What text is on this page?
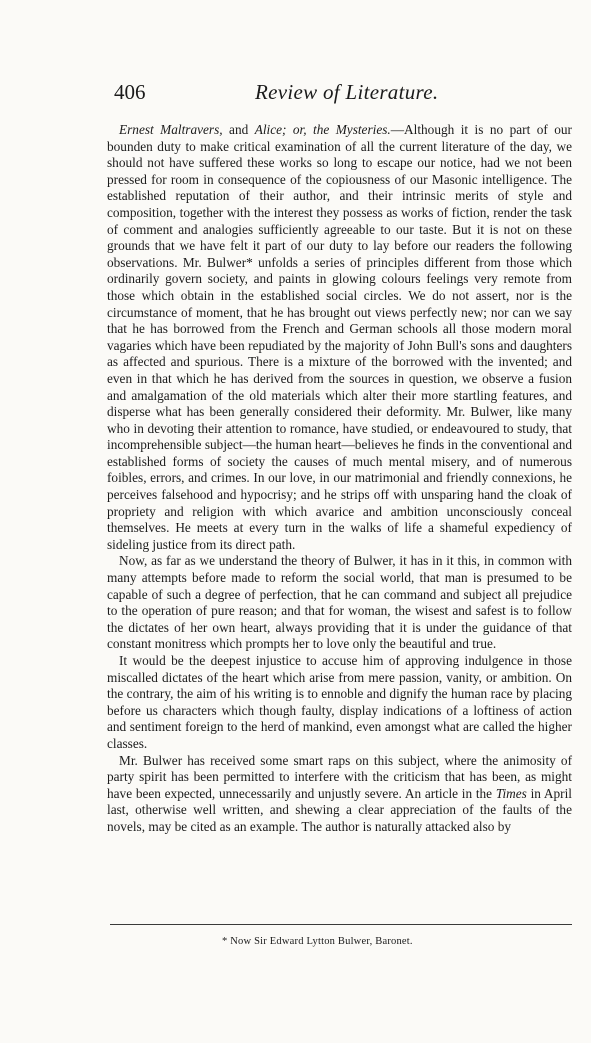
406	Review of Literature.

Ernest Maltravers, and Alice; or, the Mysteries.—Although it is no part of our bounden duty to make critical examination of all the current literature of the day, we should not have suffered these works so long to escape our notice, had we not been pressed for room in consequence of the copiousness of our Masonic intelligence. The established reputation of their author, and their intrinsic merits of style and composition, together with the interest they possess as works of fiction, render the task of comment and analogies sufficiently agreeable to our taste. But it is not on these grounds that we have felt it part of our duty to lay before our readers the following observations. Mr. Bulwer* unfolds a series of principles different from those which ordinarily govern society, and paints in glowing colours feelings very remote from those which obtain in the established social circles. We do not assert, nor is the circumstance of moment, that he has brought out views perfectly new; nor can we say that he has borrowed from the French and German schools all those modern moral vagaries which have been repudiated by the majority of John Bull's sons and daughters as affected and spurious. There is a mixture of the borrowed with the invented; and even in that which he has derived from the sources in question, we observe a fusion and amalgamation of the old materials which alter their more startling features, and disperse what has been generally considered their deformity. Mr. Bulwer, like many who in devoting their attention to romance, have studied, or endeavoured to study, that incomprehensible subject—the human heart—believes he finds in the conventional and established forms of society the causes of much mental misery, and of numerous foibles, errors, and crimes. In our love, in our matrimonial and friendly connexions, he perceives falsehood and hypocrisy; and he strips off with unsparing hand the cloak of propriety and religion with which avarice and ambition unconsciously conceal themselves. He meets at every turn in the walks of life a shameful expediency of sideling justice from its direct path.

Now, as far as we understand the theory of Bulwer, it has in it this, in common with many attempts before made to reform the social world, that man is presumed to be capable of such a degree of perfection, that he can command and subject all prejudice to the operation of pure reason; and that for woman, the wisest and safest is to follow the dictates of her own heart, always providing that it is under the guidance of that constant monitress which prompts her to love only the beautiful and true.

It would be the deepest injustice to accuse him of approving indulgence in those miscalled dictates of the heart which arise from mere passion, vanity, or ambition. On the contrary, the aim of his writing is to ennoble and dignify the human race by placing before us characters which though faulty, display indications of a loftiness of action and sentiment foreign to the herd of mankind, even amongst what are called the higher classes.

Mr. Bulwer has received some smart raps on this subject, where the animosity of party spirit has been permitted to interfere with the criticism that has been, as might have been expected, unnecessarily and unjustly severe. An article in the Times in April last, otherwise well written, and shewing a clear appreciation of the faults of the novels, may be cited as an example. The author is naturally attacked also by

* Now Sir Edward Lytton Bulwer, Baronet.
